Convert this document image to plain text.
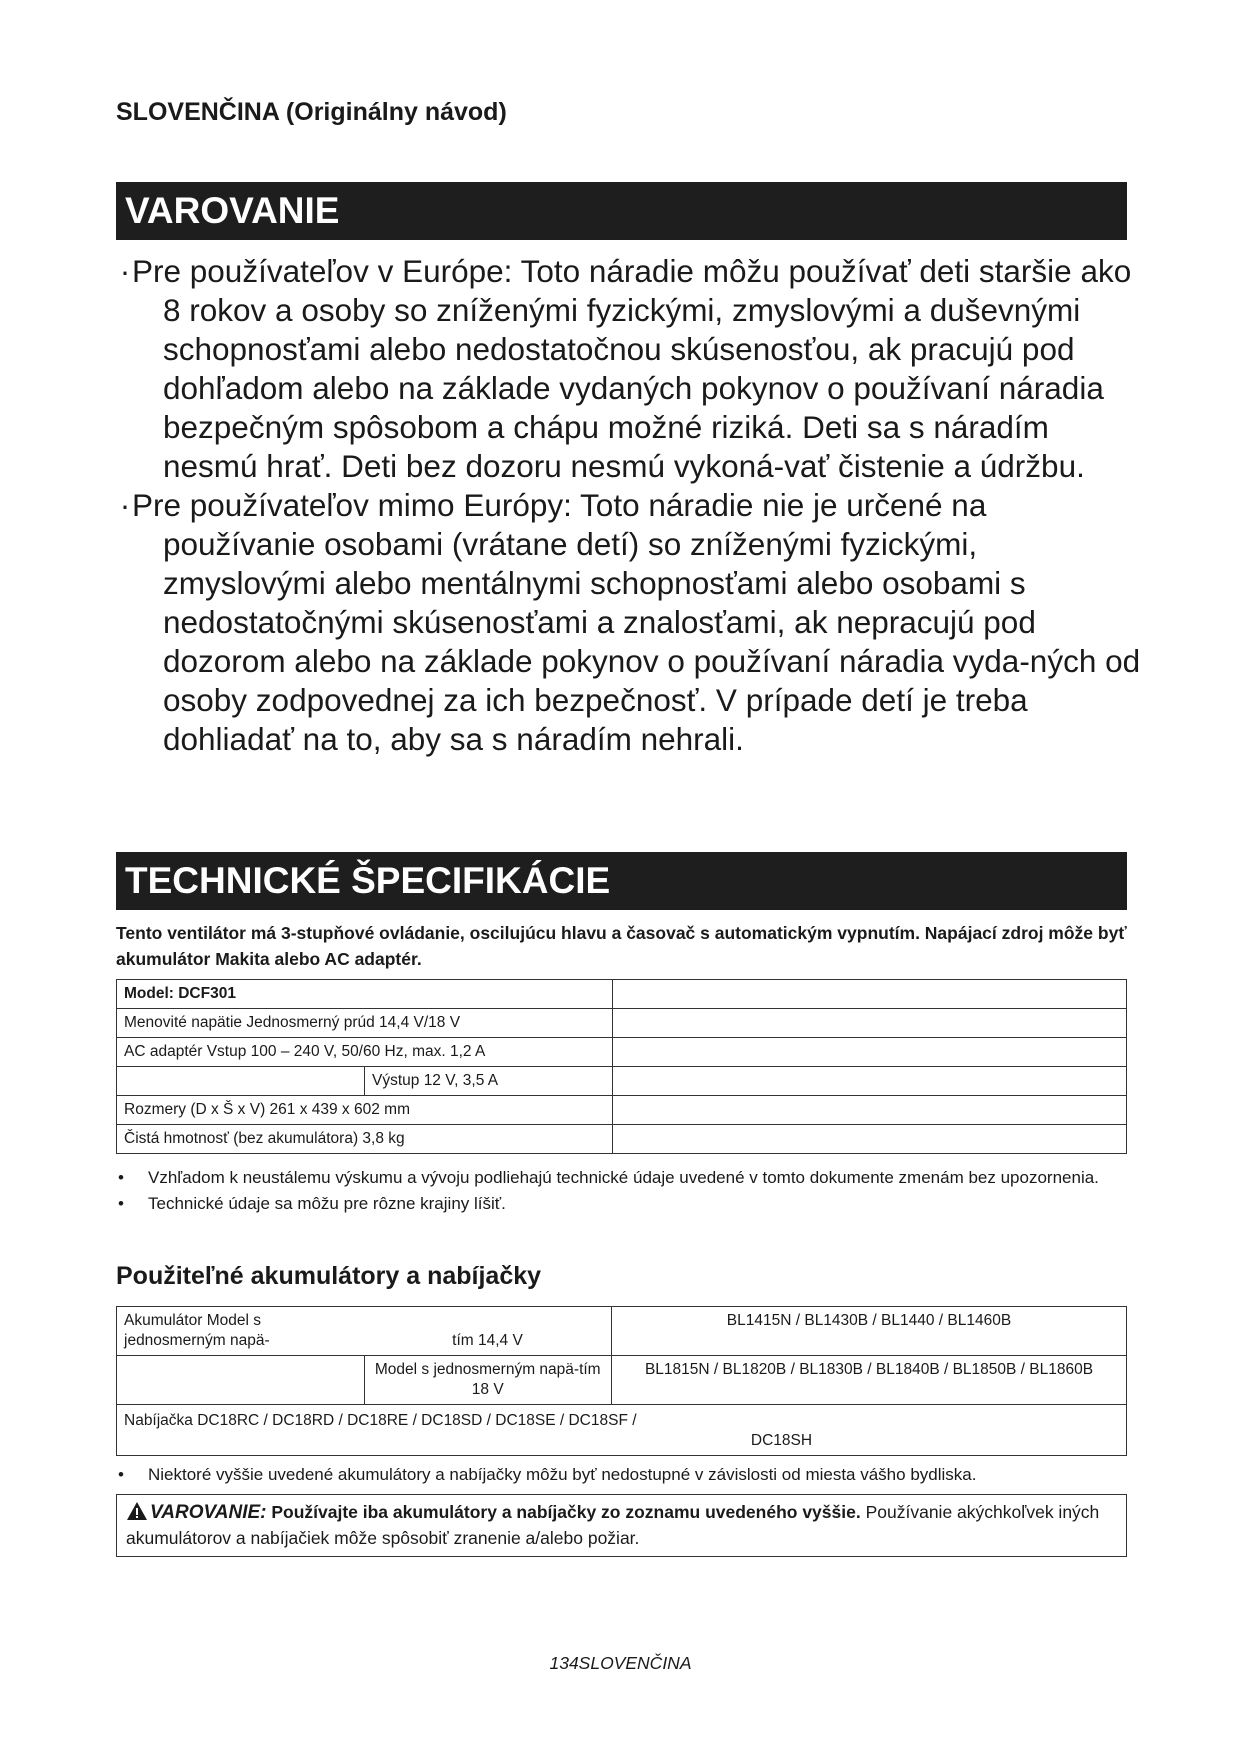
SLOVENČINA (Originálny návod)
VAROVANIE
· Pre používateľov v Európe: Toto náradie môžu používať deti staršie ako 8 rokov a osoby so zníženými fyzickými, zmyslovými a duševnými schopnosťami alebo nedostatočnou skúsenosťou, ak pracujú pod dohľadom alebo na základe vydaných pokynov o používaní náradia bezpečným spôsobom a chápu možné riziká. Deti sa s náradím nesmú hrať. Deti bez dozoru nesmú vykoná-vať čistenie a údržbu.
· Pre používateľov mimo Európy: Toto náradie nie je určené na používanie osobami (vrátane detí) so zníženými fyzickými, zmyslovými alebo mentálnymi schopnosťami alebo osobami s nedostatočnými skúsenosťami a znalosťami, ak nepracujú pod dozorom alebo na základe pokynov o používaní náradia vyda-ných od osoby zodpovednej za ich bezpečnosť. V prípade detí je treba dohliadať na to, aby sa s náradím nehrali.
TECHNICKÉ ŠPECIFIKÁCIE
Tento ventilátor má 3-stupňové ovládanie, oscilujúcu hlavu a časovač s automatickým vypnutím. Napájací zdroj môže byť akumulátor Makita alebo AC adaptér.
Model: DCF301		
Menovité napätie Jednosmerný prúd 14,4 V/18 V		
AC adaptér Vstup 100 – 240 V, 50/60 Hz, max. 1,2 A		
	Výstup 12 V, 3,5 A	
Rozmery (D x Š x V) 261 x 439 x 602 mm		
Čistá hmotnosť (bez akumulátora) 3,8 kg		
• Vzhľadom k neustálemu výskumu a vývoju podliehajú technické údaje uvedené v tomto dokumente zmenám bez upozornenia.
• Technické údaje sa môžu pre rôzne krajiny líšiť.
Použiteľné akumulátory a nabíjačky
Akumulátor Model s jednosmerným napä-	tím 14,4 V	BL1415N / BL1430B / BL1440 / BL1460B
	Model s jednosmerným napä-tím 18 V	BL1815N / BL1820B / BL1830B / BL1840B / BL1850B / BL1860B

Nabíjačka DC18RC / DC18RD / DC18RE / DC18SD / DC18SE / DC18SF /
DC18SH		
• Niektoré vyššie uvedené akumulátory a nabíjačky môžu byť nedostupné v závislosti od miesta vášho bydliska.
VAROVANIE: Používajte iba akumulátory a nabíjačky zo zoznamu uvedeného vyššie. Používanie akýchkoľvek iných akumulátorov a nabíjačiek môže spôsobiť zranenie a/alebo požiar.
134SLOVENČINA
